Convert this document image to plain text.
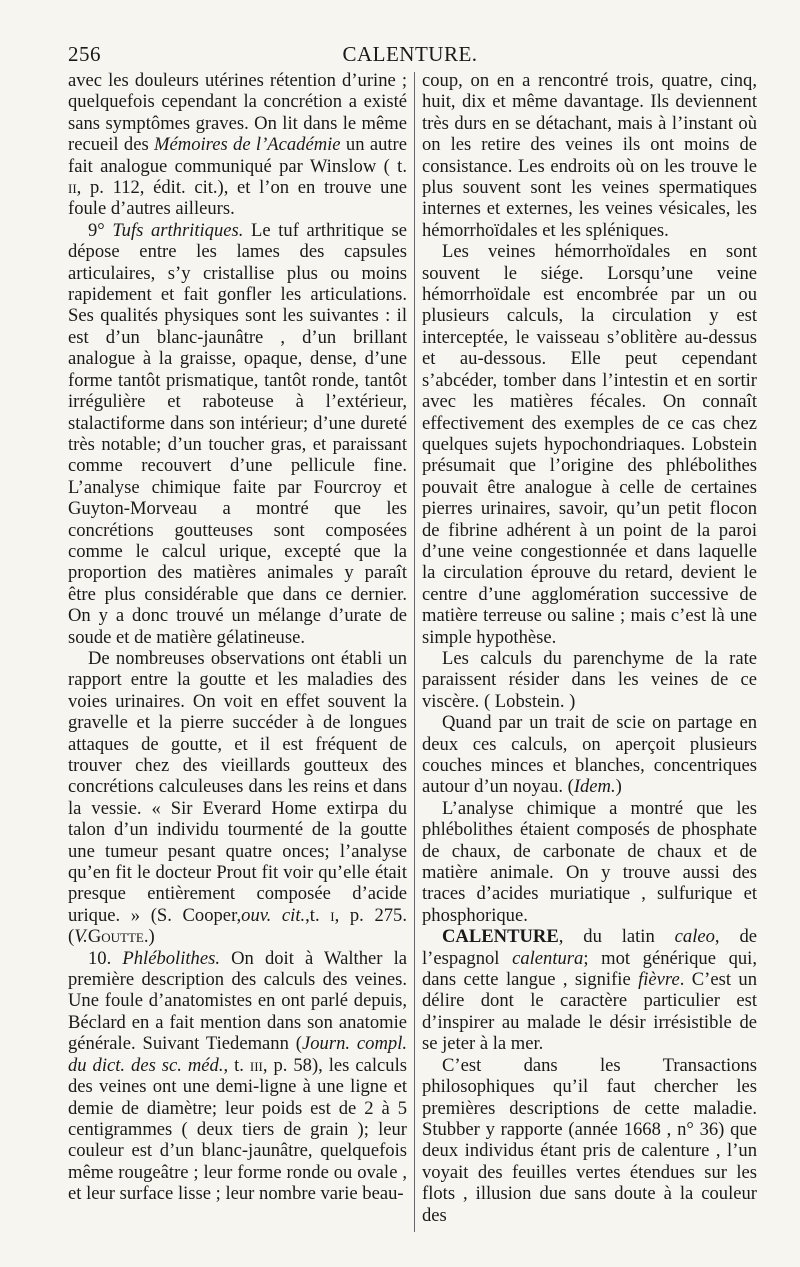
256	CALENTURE.

avec les douleurs utérines rétention d’urine ; quelquefois cependant la concrétion a existé sans symptômes graves. On lit dans le même recueil des Mémoires de l’Académie un autre fait analogue communiqué par Winslow ( t. ii, p. 112, édit. cit.), et l’on en trouve une foule d’autres ailleurs.

9° Tufs arthritiques. Le tuf arthritique se dépose entre les lames des capsules articulaires, s’y cristallise plus ou moins rapidement et fait gonfler les articulations. Ses qualités physiques sont les suivantes : il est d’un blanc-jaunâtre , d’un brillant analogue à la graisse, opaque, dense, d’une forme tantôt prismatique, tantôt ronde, tantôt irrégulière et raboteuse à l’extérieur, stalactiforme dans son intérieur; d’une dureté très notable; d’un toucher gras, et paraissant comme recouvert d’une pellicule fine. L’analyse chimique faite par Fourcroy et Guyton-Morveau a montré que les concrétions goutteuses sont composées comme le calcul urique, excepté que la proportion des matières animales y paraît être plus considérable que dans ce dernier. On y a donc trouvé un mélange d’urate de soude et de matière gélatineuse.

De nombreuses observations ont établi un rapport entre la goutte et les maladies des voies urinaires. On voit en effet souvent la gravelle et la pierre succéder à de longues attaques de goutte, et il est fréquent de trouver chez des vieillards goutteux des concrétions calculeuses dans les reins et dans la vessie. « Sir Everard Home extirpa du talon d’un individu tourmenté de la goutte une tumeur pesant quatre onces; l’analyse qu’en fit le docteur Prout fit voir qu’elle était presque entièrement composée d’acide urique. » (S. Cooper,ouv. cit.,t. i, p. 275.(V.Goutte.)

10. Phlébolithes. On doit à Walther la première description des calculs des veines. Une foule d’anatomistes en ont parlé depuis, Béclard en a fait mention dans son anatomie générale. Suivant Tiedemann (Journ. compl. du dict. des sc. méd., t. iii, p. 58), les calculs des veines ont une demi-ligne à une ligne et demie de diamètre; leur poids est de 2 à 5 centigrammes ( deux tiers de grain ); leur couleur est d’un blanc-jaunâtre, quelquefois même rougeâtre ; leur forme ronde ou ovale , et leur surface lisse ; leur nombre varie beau-

coup, on en a rencontré trois, quatre, cinq, huit, dix et même davantage. Ils deviennent très durs en se détachant, mais à l’instant où on les retire des veines ils ont moins de consistance. Les endroits où on les trouve le plus souvent sont les veines spermatiques internes et externes, les veines vésicales, les hémorrhoïdales et les spléniques.

Les veines hémorrhoïdales en sont souvent le siége. Lorsqu’une veine hémorrhoïdale est encombrée par un ou plusieurs calculs, la circulation y est interceptée, le vaisseau s’oblitère au-dessus et au-dessous. Elle peut cependant s’abcéder, tomber dans l’intestin et en sortir avec les matières fécales. On connaît effectivement des exemples de ce cas chez quelques sujets hypochondriaques. Lobstein présumait que l’origine des phlébolithes pouvait être analogue à celle de certaines pierres urinaires, savoir, qu’un petit flocon de fibrine adhérent à un point de la paroi d’une veine congestionnée et dans laquelle la circulation éprouve du retard, devient le centre d’une agglomération successive de matière terreuse ou saline ; mais c’est là une simple hypothèse.

Les calculs du parenchyme de la rate paraissent résider dans les veines de ce viscère. ( Lobstein. )

Quand par un trait de scie on partage en deux ces calculs, on aperçoit plusieurs couches minces et blanches, concentriques autour d’un noyau. (Idem.)

L’analyse chimique a montré que les phlébolithes étaient composés de phosphate de chaux, de carbonate de chaux et de matière animale. On y trouve aussi des traces d’acides muriatique , sulfurique et phosphorique.

CALENTURE, du latin caleo, de l’espagnol calentura; mot générique qui, dans cette langue , signifie fièvre. C’est un délire dont le caractère particulier est d’inspirer au malade le désir irrésistible de se jeter à la mer.

C’est dans les Transactions philosophiques qu’il faut chercher les premières descriptions de cette maladie. Stubber y rapporte (année 1668 , n° 36) que deux individus étant pris de calenture , l’un voyait des feuilles vertes étendues sur les flots , illusion due sans doute à la couleur des
